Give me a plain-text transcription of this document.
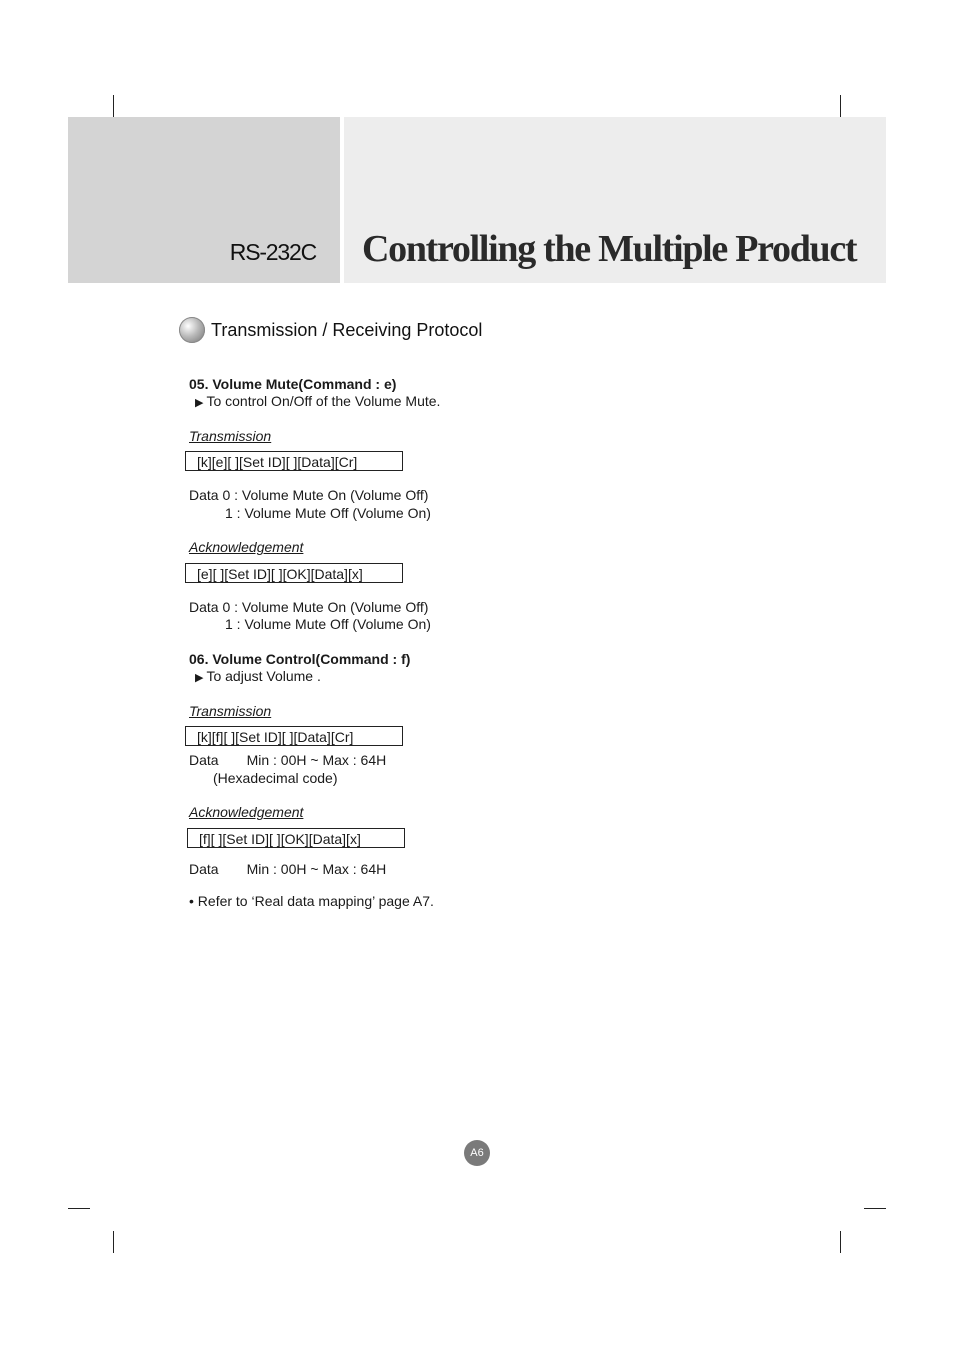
RS-232C Controlling the Multiple Product
Transmission / Receiving Protocol
05. Volume Mute(Command : e)
▶ To control On/Off of the Volume Mute.
Transmission
[k][e][ ][Set ID][ ][Data][Cr]
Data 0 : Volume Mute On (Volume Off)
1 : Volume Mute Off (Volume On)
Acknowledgement
[e][ ][Set ID][ ][OK][Data][x]
Data 0 : Volume Mute On (Volume Off)
1 : Volume Mute Off (Volume On)
06. Volume Control(Command : f)
▶ To adjust Volume .
Transmission
[k][f][ ][Set ID][ ][Data][Cr]
Data Min : 00H ~ Max : 64H
(Hexadecimal code)
Acknowledgement
[f][ ][Set ID][ ][OK][Data][x]
Data Min : 00H ~ Max : 64H
• Refer to ‘Real data mapping’ page A7.
A6
